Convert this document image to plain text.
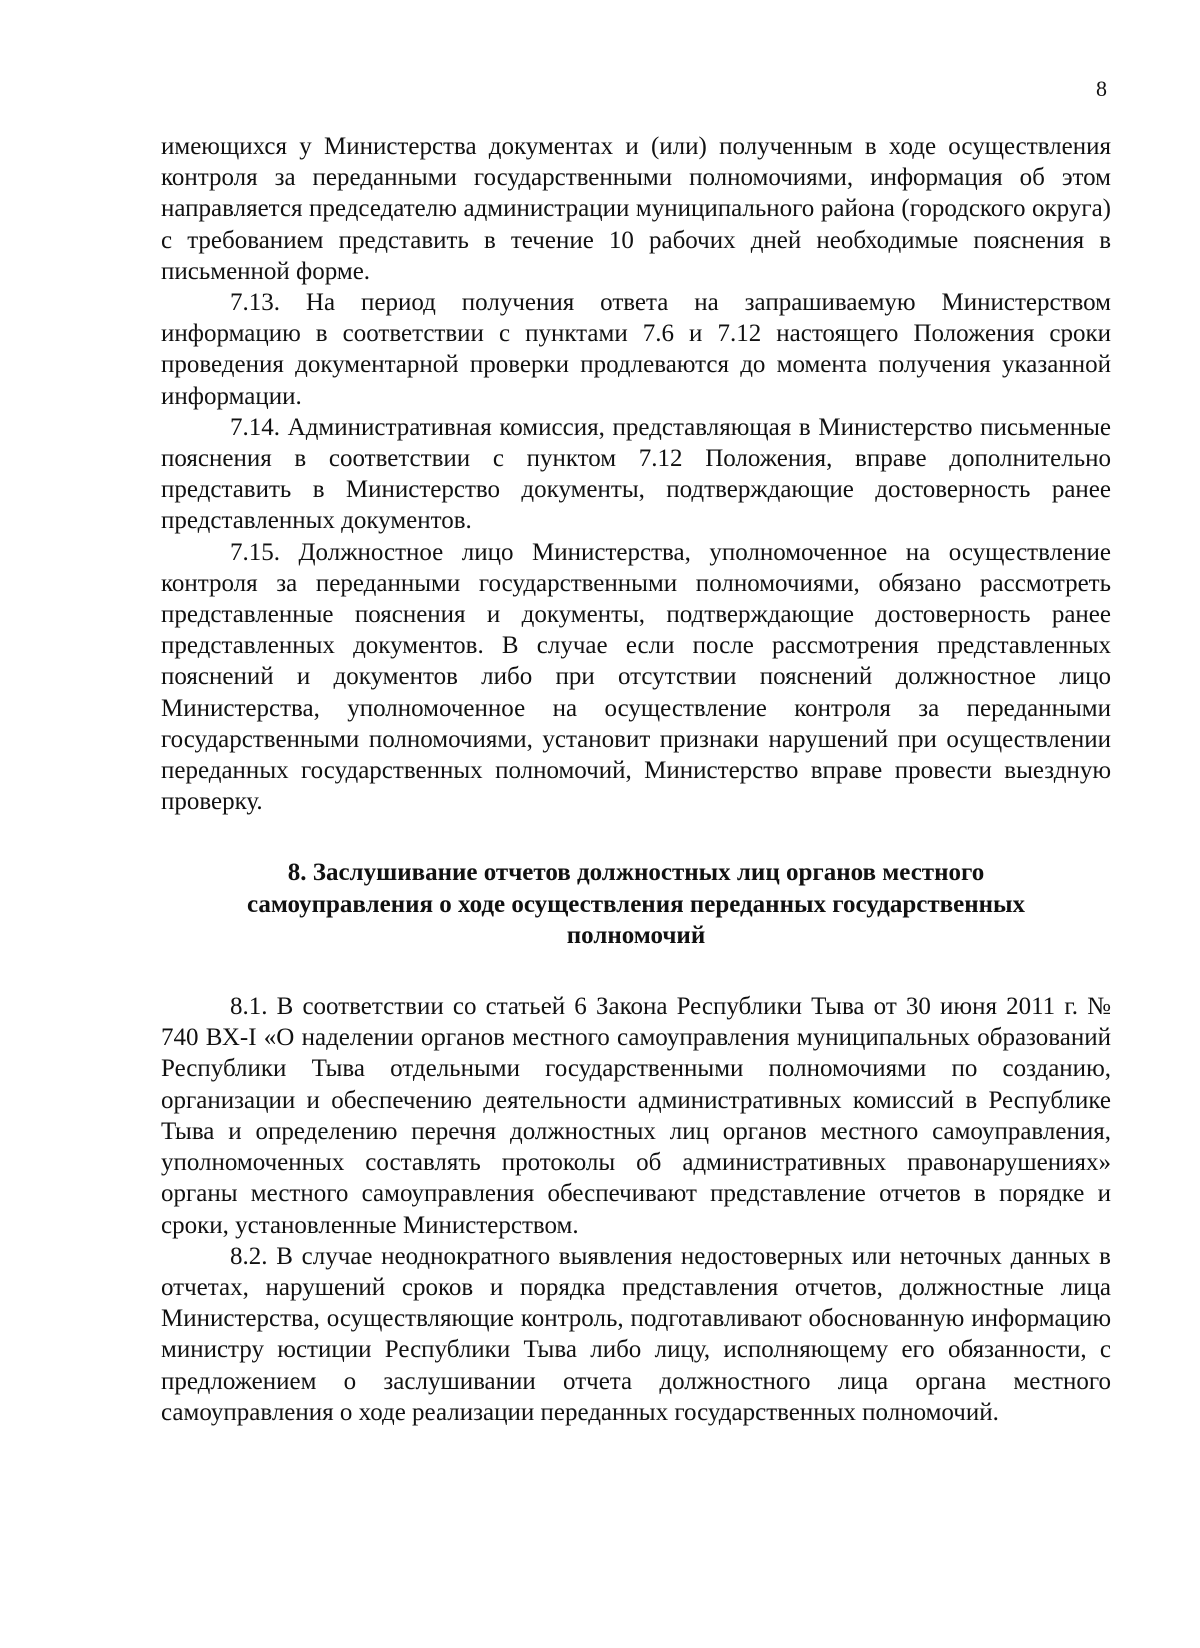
8

имеющихся у Министерства документах и (или) полученным в ходе осуществления контроля за переданными государственными полномочиями, информация об этом направляется председателю администрации муниципального района (городского округа) с требованием представить в течение 10 рабочих дней необходимые пояснения в письменной форме.

7.13. На период получения ответа на запрашиваемую Министерством информацию в соответствии с пунктами 7.6 и 7.12 настоящего Положения сроки проведения документарной проверки продлеваются до момента получения указанной информации.

7.14. Административная комиссия, представляющая в Министерство письменные пояснения в соответствии с пунктом 7.12 Положения, вправе дополнительно представить в Министерство документы, подтверждающие достоверность ранее представленных документов.

7.15. Должностное лицо Министерства, уполномоченное на осуществление контроля за переданными государственными полномочиями, обязано рассмотреть представленные пояснения и документы, подтверждающие достоверность ранее представленных документов. В случае если после рассмотрения представленных пояснений и документов либо при отсутствии пояснений должностное лицо Министерства, уполномоченное на осуществление контроля за переданными государственными полномочиями, установит признаки нарушений при осуществлении переданных государственных полномочий, Министерство вправе провести выездную проверку.

8. Заслушивание отчетов должностных лиц органов местного
самоуправления о ходе осуществления переданных государственных
полномочий

8.1. В соответствии со статьей 6 Закона Республики Тыва от 30 июня 2011 г. № 740 ВХ-І «О наделении органов местного самоуправления муниципальных образований Республики Тыва отдельными государственными полномочиями по созданию, организации и обеспечению деятельности административных комиссий в Республике Тыва и определению перечня должностных лиц органов местного самоуправления, уполномоченных составлять протоколы об административных правонарушениях» органы местного самоуправления обеспечивают представление отчетов в порядке и сроки, установленные Министерством.

8.2. В случае неоднократного выявления недостоверных или неточных данных в отчетах, нарушений сроков и порядка представления отчетов, должностные лица Министерства, осуществляющие контроль, подготавливают обоснованную информацию министру юстиции Республики Тыва либо лицу, исполняющему его обязанности, с предложением о заслушивании отчета должностного лица органа местного самоуправления о ходе реализации переданных государственных полномочий.
